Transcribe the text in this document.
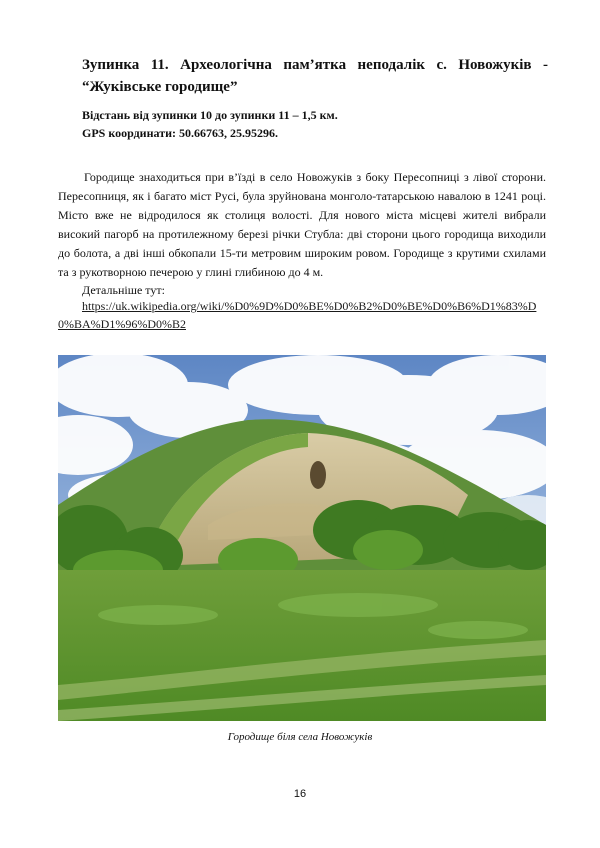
Зупинка 11. Археологічна пам’ятка неподалік с. Новожуків -
“Жуківське городище”
Відстань від зупинки 10 до зупинки 11 – 1,5 км.
GPS координати: 50.66763, 25.95296.
Городище знаходиться при в’їзді в село Новожуків з боку Пересопниці з лівої сторони. Пересопниця, як і багато міст Русі, була зруйнована монголо-татарською навалою в 1241 році. Місто вже не відродилося як столиця волості. Для нового міста місцеві жителі вибрали високий пагорб на протилежному березі річки Стубла: дві сторони цього городища виходили до болота, а дві інші обкопали 15-ти метровим широким ровом. Городище з крутими схилами та з рукотворною печерою у глині глибиною до 4 м.
Детальніше тут:
https://uk.wikipedia.org/wiki/%D0%9D%D0%BE%D0%B2%D0%BE%D0%B6%D1%83%D0%BA%D1%96%D0%B2
Городище біля села Новожуків
16
